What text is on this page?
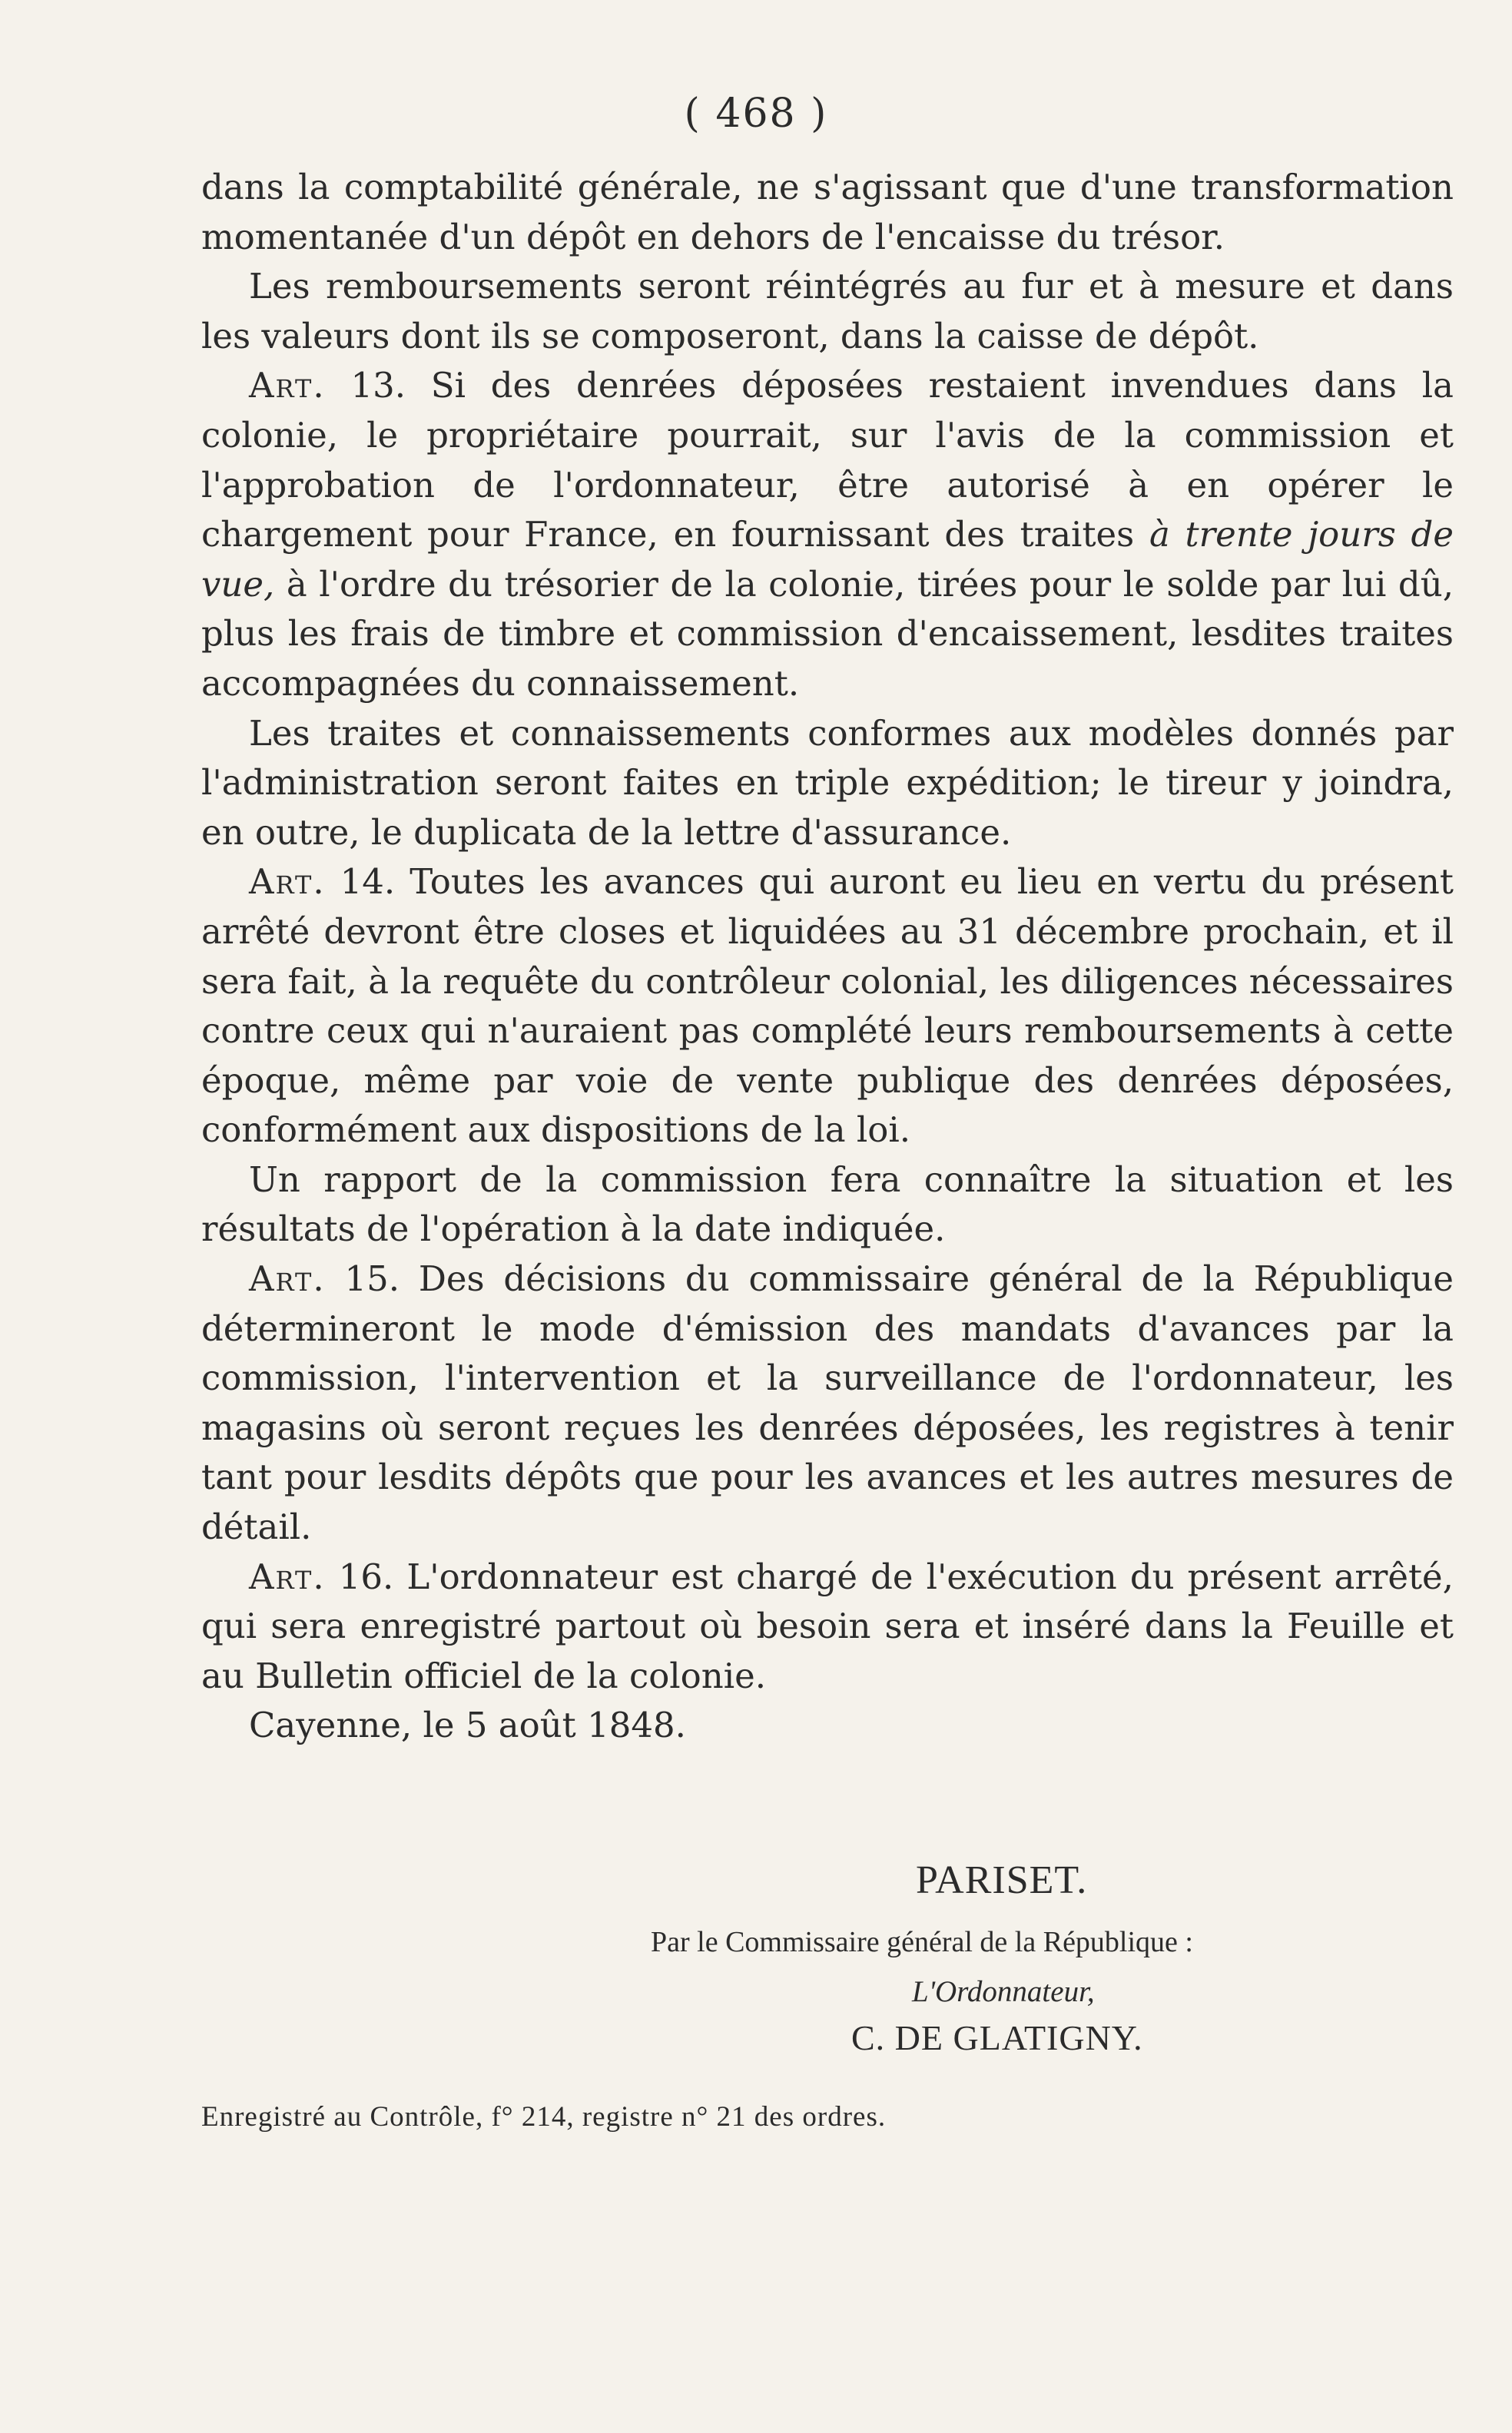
( 468 )

dans la comptabilité générale, ne s'agissant que d'une transformation momentanée d'un dépôt en dehors de l'encaisse du trésor.

Les remboursements seront réintégrés au fur et à mesure et dans les valeurs dont ils se composeront, dans la caisse de dépôt.

Art. 13. Si des denrées déposées restaient invendues dans la colonie, le propriétaire pourrait, sur l'avis de la commission et l'approbation de l'ordonnateur, être autorisé à en opérer le chargement pour France, en fournissant des traites à trente jours de vue, à l'ordre du trésorier de la colonie, tirées pour le solde par lui dû, plus les frais de timbre et commission d'encaissement, lesdites traites accompagnées du connaissement.

Les traites et connaissements conformes aux modèles donnés par l'administration seront faites en triple expédition; le tireur y joindra, en outre, le duplicata de la lettre d'assurance.

Art. 14. Toutes les avances qui auront eu lieu en vertu du présent arrêté devront être closes et liquidées au 31 décembre prochain, et il sera fait, à la requête du contrôleur colonial, les diligences nécessaires contre ceux qui n'auraient pas complété leurs remboursements à cette époque, même par voie de vente publique des denrées déposées, conformément aux dispositions de la loi.

Un rapport de la commission fera connaître la situation et les résultats de l'opération à la date indiquée.

Art. 15. Des décisions du commissaire général de la République détermineront le mode d'émission des mandats d'avances par la commission, l'intervention et la surveillance de l'ordonnateur, les magasins où seront reçues les denrées déposées, les registres à tenir tant pour lesdits dépôts que pour les avances et les autres mesures de détail.

Art. 16. L'ordonnateur est chargé de l'exécution du présent arrêté, qui sera enregistré partout où besoin sera et inséré dans la Feuille et au Bulletin officiel de la colonie.

Cayenne, le 5 août 1848.

PARISET.
Par le Commissaire général de la République :
L'Ordonnateur,
C. DE GLATIGNY.
Enregistré au Contrôle, f° 214, registre n° 21 des ordres.
